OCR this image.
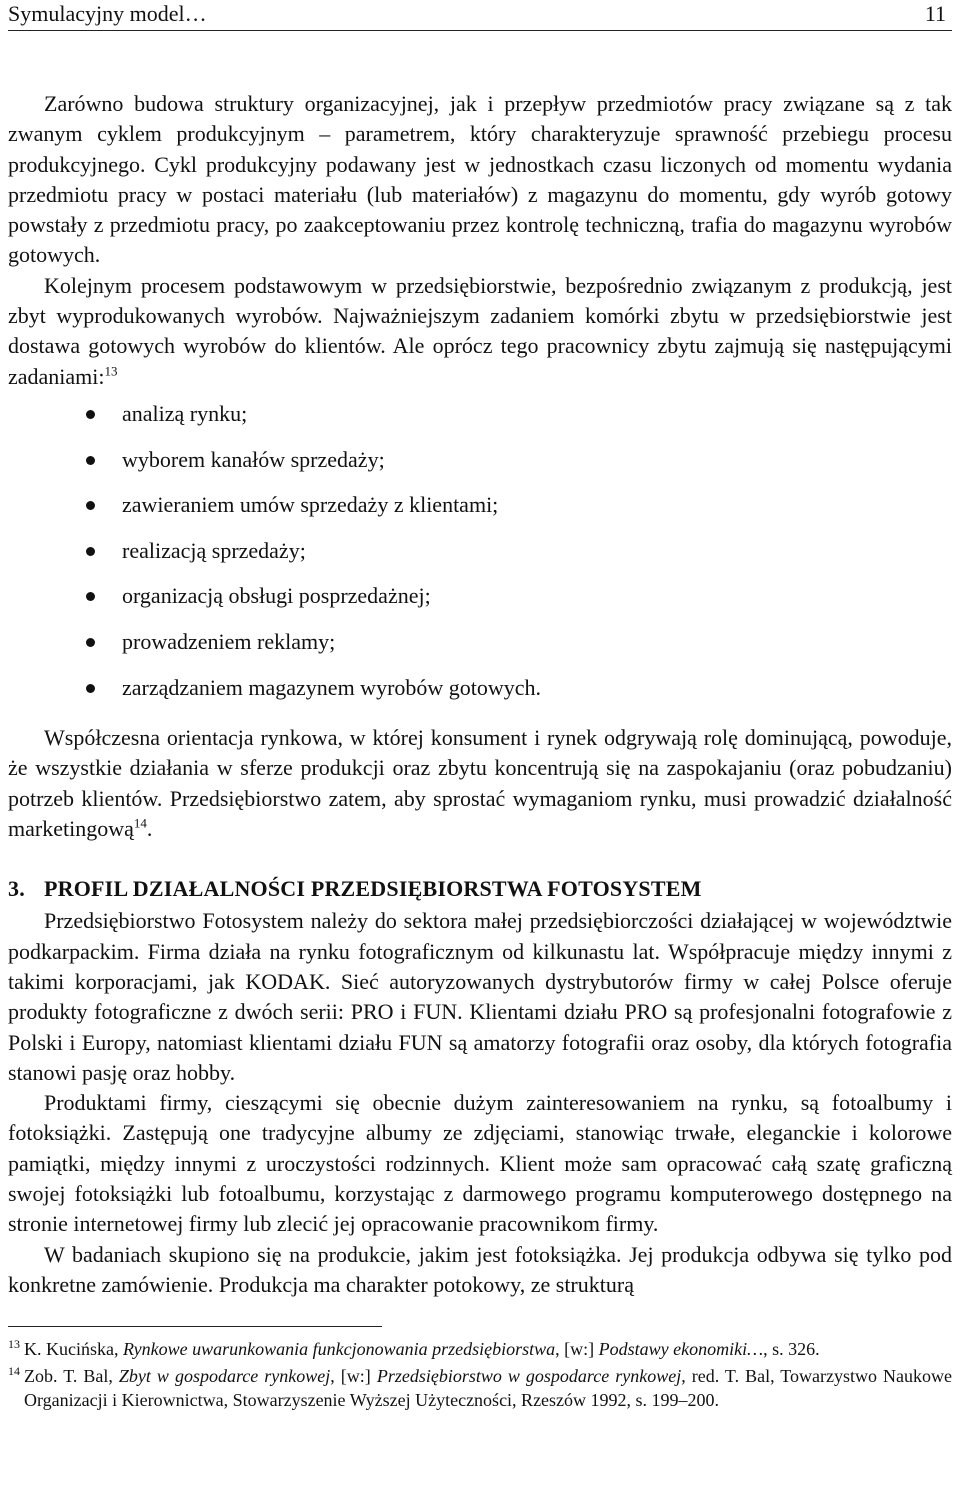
Symulacyjny model…	11

Zarówno budowa struktury organizacyjnej, jak i przepływ przedmiotów pracy związane są z tak zwanym cyklem produkcyjnym – parametrem, który charakteryzuje sprawność przebiegu procesu produkcyjnego. Cykl produkcyjny podawany jest w jednostkach czasu liczonych od momentu wydania przedmiotu pracy w postaci materiału (lub materiałów) z magazynu do momentu, gdy wyrób gotowy powstały z przedmiotu pracy, po zaakceptowaniu przez kontrolę techniczną, trafia do magazynu wyrobów gotowych.

Kolejnym procesem podstawowym w przedsiębiorstwie, bezpośrednio związanym z produkcją, jest zbyt wyprodukowanych wyrobów. Najważniejszym zadaniem komórki zbytu w przedsiębiorstwie jest dostawa gotowych wyrobów do klientów. Ale oprócz tego pracownicy zbytu zajmują się następującymi zadaniami:$^{13}$

analizą rynku;
wyborem kanałów sprzedaży;
zawieraniem umów sprzedaży z klientami;
realizacją sprzedaży;
organizacją obsługi posprzedażnej;
prowadzeniem reklamy;
zarządzaniem magazynem wyrobów gotowych.

Współczesna orientacja rynkowa, w której konsument i rynek odgrywają rolę dominującą, powoduje, że wszystkie działania w sferze produkcji oraz zbytu koncentrują się na zaspokajaniu (oraz pobudzaniu) potrzeb klientów. Przedsiębiorstwo zatem, aby sprostać wymaganiom rynku, musi prowadzić działalność marketingową$^{14}$.

3. PROFIL DZIAŁALNOŚCI PRZEDSIĘBIORSTWA FOTOSYSTEM

Przedsiębiorstwo Fotosystem należy do sektora małej przedsiębiorczości działającej w województwie podkarpackim. Firma działa na rynku fotograficznym od kilkunastu lat. Współpracuje między innymi z takimi korporacjami, jak KODAK. Sieć autoryzowanych dystrybutorów firmy w całej Polsce oferuje produkty fotograficzne z dwóch serii: PRO i FUN. Klientami działu PRO są profesjonalni fotografowie z Polski i Europy, natomiast klientami działu FUN są amatorzy fotografii oraz osoby, dla których fotografia stanowi pasję oraz hobby.

Produktami firmy, cieszącymi się obecnie dużym zainteresowaniem na rynku, są fotoalbumy i fotoksiążki. Zastępują one tradycyjne albumy ze zdjęciami, stanowiąc trwałe, eleganckie i kolorowe pamiątki, między innymi z uroczystości rodzinnych. Klient może sam opracować całą szatę graficzną swojej fotoksiążki lub fotoalbumu, korzystając z darmowego programu komputerowego dostępnego na stronie internetowej firmy lub zlecić jej opracowanie pracownikom firmy.

W badaniach skupiono się na produkcie, jakim jest fotoksiążka. Jej produkcja odbywa się tylko pod konkretne zamówienie. Produkcja ma charakter potokowy, ze strukturą

13 K. Kucińska, Rynkowe uwarunkowania funkcjonowania przedsiębiorstwa, [w:] Podstawy ekonomiki…, s. 326.
14 Zob. T. Bal, Zbyt w gospodarce rynkowej, [w:] Przedsiębiorstwo w gospodarce rynkowej, red. T. Bal, Towarzystwo Naukowe Organizacji i Kierownictwa, Stowarzyszenie Wyższej Użyteczności, Rzeszów 1992, s. 199–200.
